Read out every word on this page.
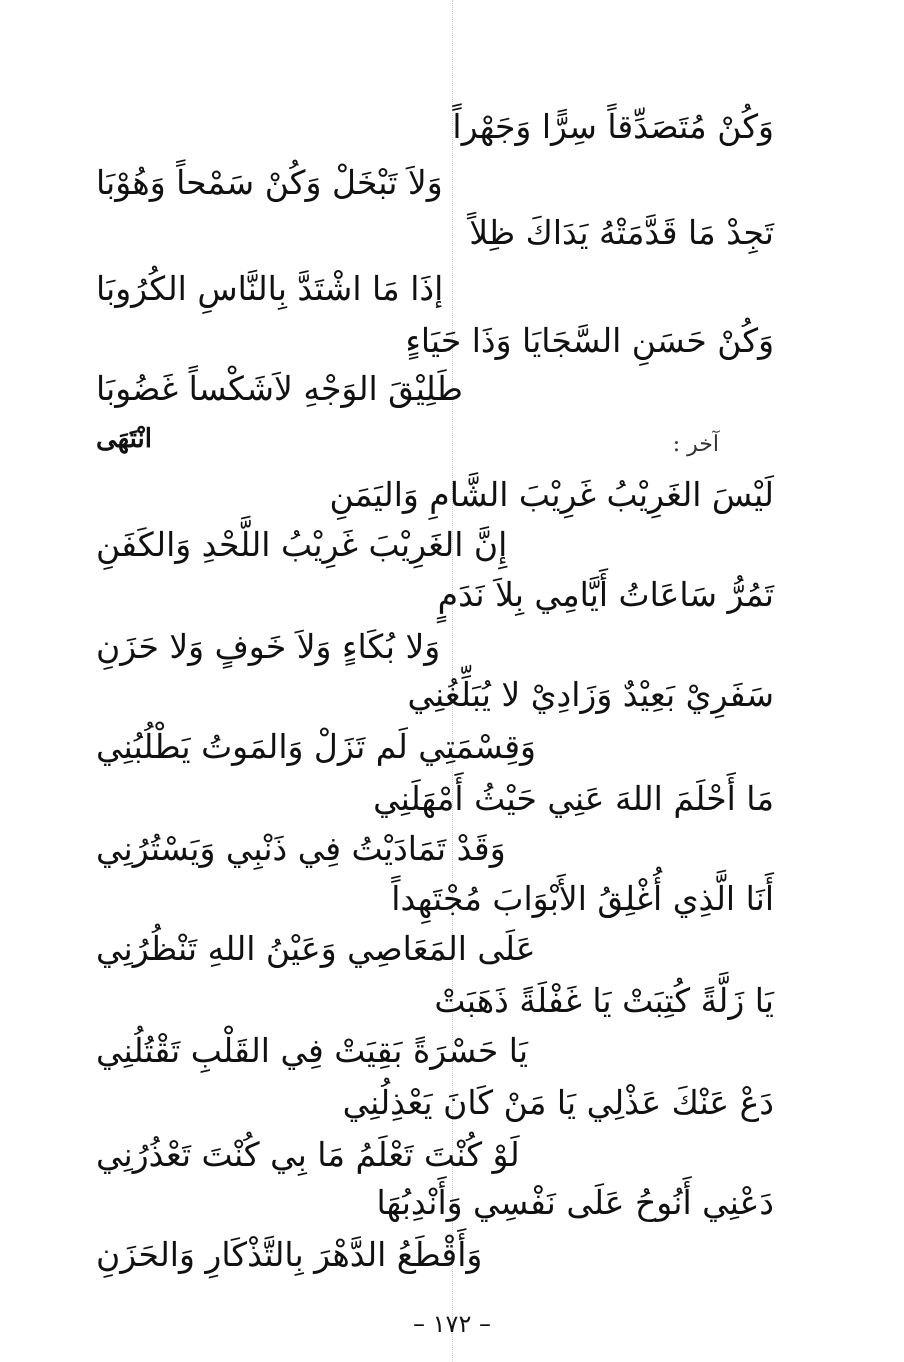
وَكُنْ مُتَصَدِّقاً سِرًّا وَجَهْراً
وَلاَ تَبْخَلْ وَكُنْ سَمْحاً وَهُوْبَا
تَجِدْ مَا قَدَّمَتْهُ يَدَاكَ ظِلاً
إذَا مَا اشْتَدَّ بِالنَّاسِ الكُرُوبَا
وَكُنْ حَسَنِ السَّجَايَا وَذَا حَيَاءٍ
طَلِيْقَ الوَجْهِ لاَشَكْساً غَضُوبَا
انْتَهَى	آخر :
لَيْسَ الغَرِيْبُ غَرِيْبَ الشَّامِ وَاليَمَنِ
إِنَّ الغَرِيْبَ غَرِيْبُ اللَّحْدِ وَالكَفَنِ
تَمُرُّ سَاعَاتُ أَيَّامِي بِلاَ نَدَمٍ
وَلا بُكَاءٍ وَلاَ خَوفٍ وَلا حَزَنِ
سَفَرِيْ بَعِيْدٌ وَزَادِيْ لا يُبَلِّغُنِي
وَقِسْمَتِي لَم تَزَلْ وَالمَوتُ يَطْلُبُنِي
مَا أَحْلَمَ اللهَ عَنِي حَيْثُ أَمْهَلَنِي
وَقَدْ تَمَادَيْتُ فِي ذَنْبِي وَيَسْتُرُنِي
أَنَا الَّذِي أُغْلِقُ الأَبْوَابَ مُجْتَهِداً
عَلَى المَعَاصِي وَعَيْنُ اللهِ تَنْظُرُنِي
يَا زَلَّةً كُتِبَتْ يَا غَفْلَةً ذَهَبَتْ
يَا حَسْرَةً بَقِيَتْ فِي القَلْبِ تَقْتُلُنِي
دَعْ عَنْكَ عَذْلِي يَا مَنْ كَانَ يَعْذِلُنِي
لَوْ كُنْتَ تَعْلَمُ مَا بِي كُنْتَ تَعْذُرُنِي
دَعْنِي أَنُوحُ عَلَى نَفْسِي وَأَنْدِبُهَا
وَأَقْطَعُ الدَّهْرَ بِالتَّذْكَارِ وَالحَزَنِ
– ١٧٢ –
